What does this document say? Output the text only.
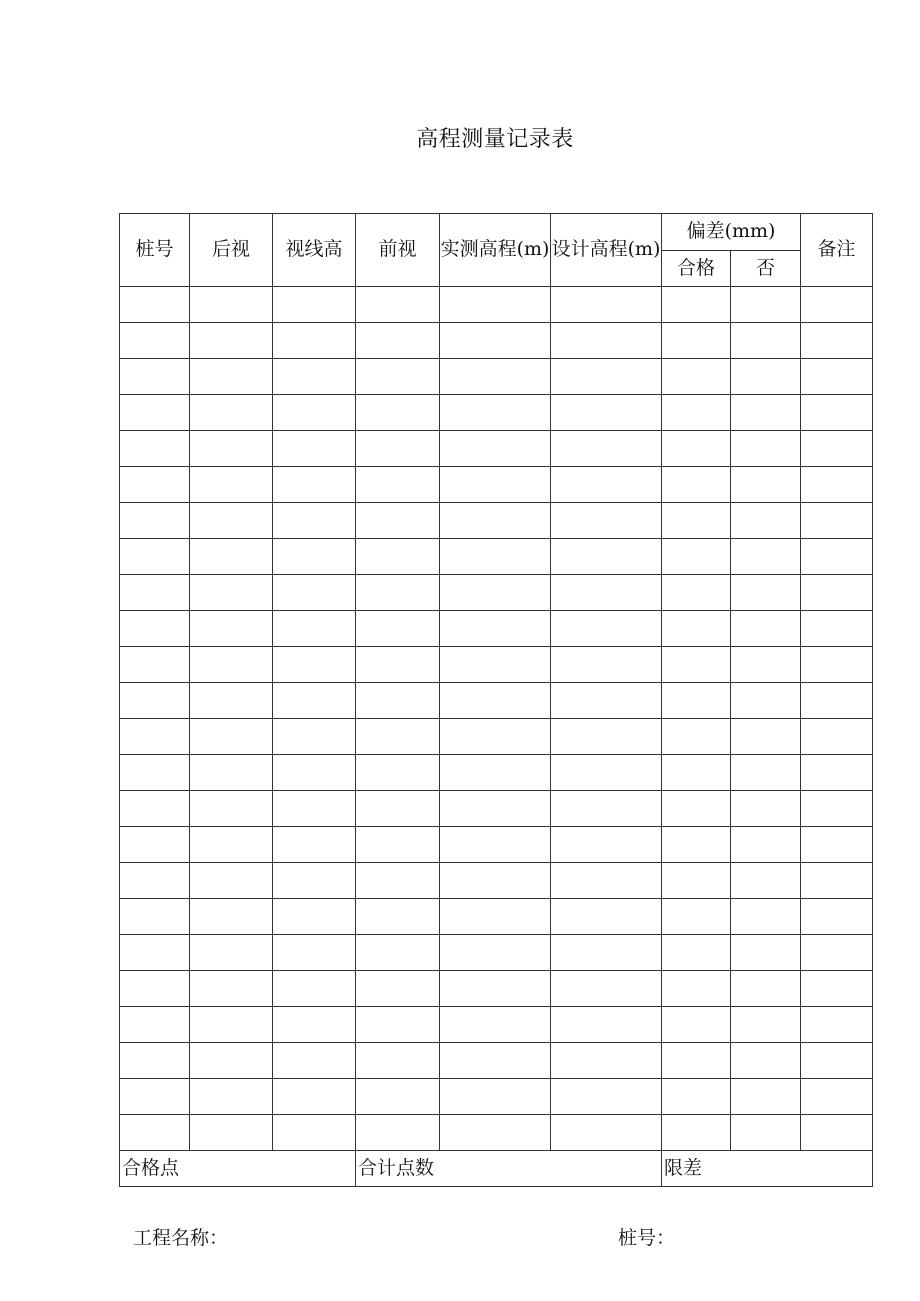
高程测量记录表
桩号	后视	视线高	前视	实测高程(m)	设计高程(m)	偏差(mm)		备注
						合格	否	

合格点			合计点数			限差		
工程名称：	桩号：
